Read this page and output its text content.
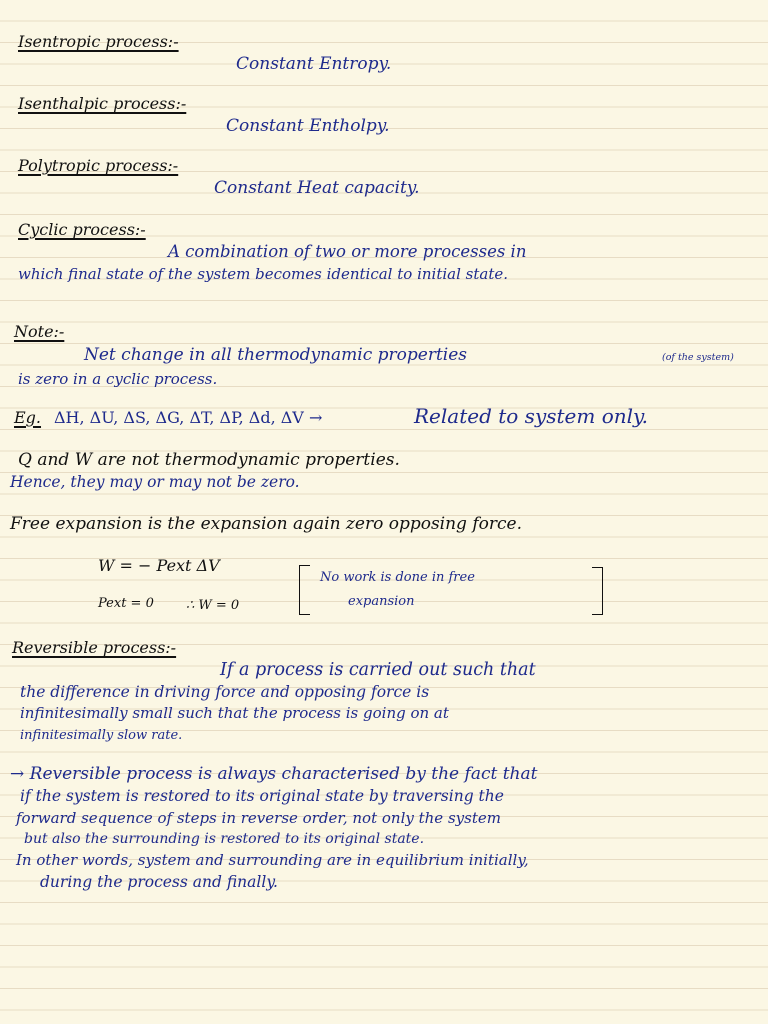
Isentropic process:-
Constant Entropy.
Isenthalpic process:-
Constant Entholpy.
Polytropic process:-
Constant Heat capacity.
Cyclic process:-
A combination of two or more processes in
which final state of the system becomes identical to initial state.
Note:-
Net change in all thermodynamic properties	(of the system)
is zero in a cyclic process.
Eg. ΔH, ΔU, ΔS, ΔG, ΔT, ΔP, Δd, ΔV →	Related to system only.
Q and W are not thermodynamic properties.
Hence, they may or may not be zero.
Free expansion is the expansion again zero opposing force.
W = − Pext ΔV
Pext = 0 ∴ W = 0
No work is done in free
expansion
Reversible process:-
If a process is carried out such that
the difference in driving force and opposing force is
infinitesimally small such that the process is going on at
infinitesimally slow rate.
→ Reversible process is always characterised by the fact that
if the system is restored to its original state by traversing the
forward sequence of steps in reverse order, not only the system
but also the surrounding is restored to its original state.
In other words, system and surrounding are in equilibrium initially,
during the process and finally.
